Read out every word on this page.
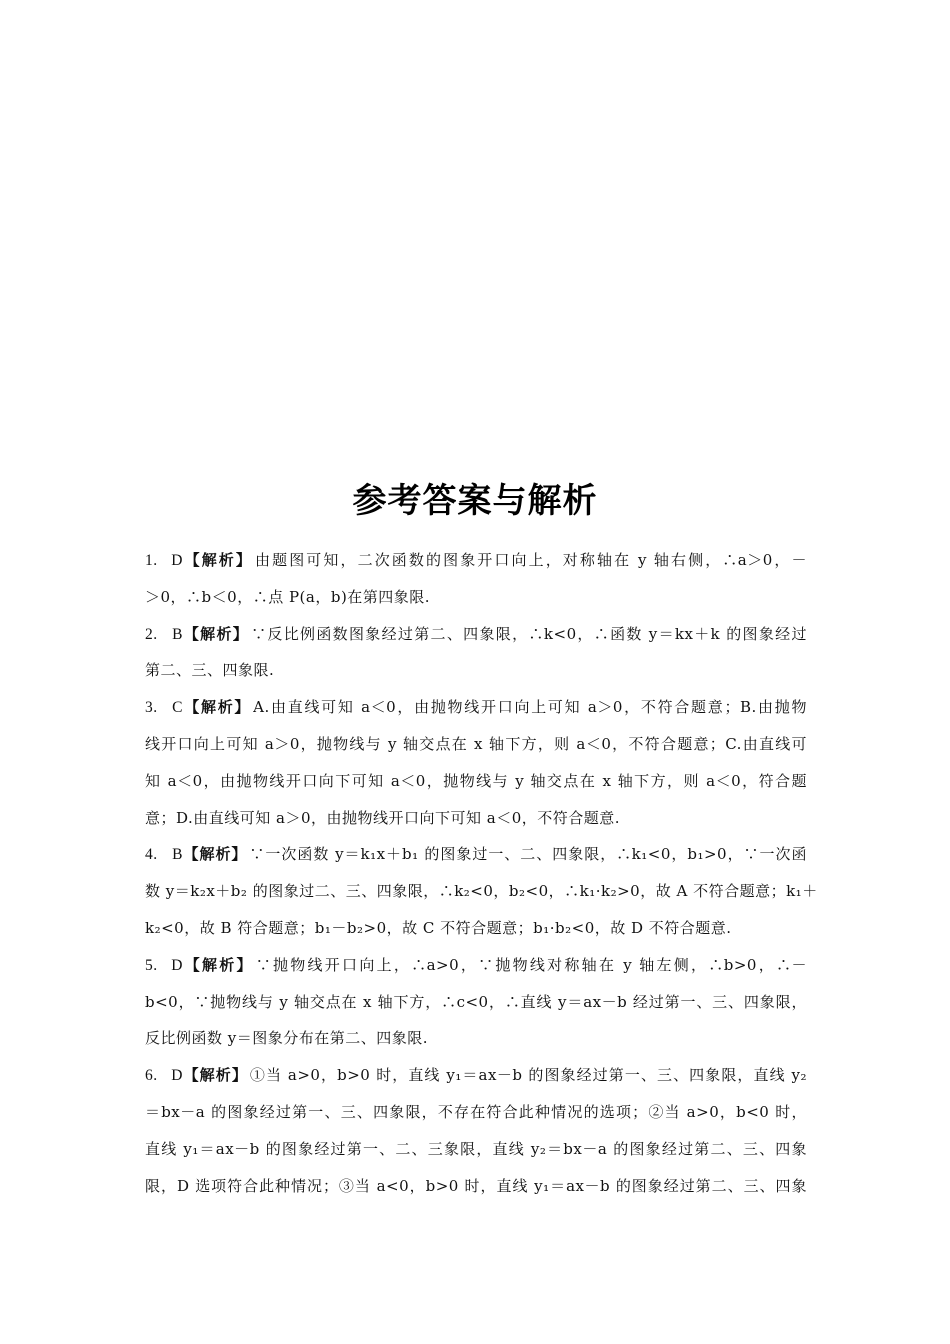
参考答案与解析
1. D【解析】 由题图可知，二次函数的图象开口向上，对称轴在 y 轴右侧，∴a＞0，－
＞0，∴b＜0，∴点 P(a，b)在第四象限.
2. B【解析】 ∵反比例函数图象经过第二、四象限，∴k<0，∴函数 y＝kx＋k 的图象经过
第二、三、四象限.
3. C【解析】 A.由直线可知 a＜0，由抛物线开口向上可知 a＞0，不符合题意；B.由抛物
线开口向上可知 a＞0，抛物线与 y 轴交点在 x 轴下方，则 a＜0，不符合题意；C.由直线可
知 a＜0，由抛物线开口向下可知 a＜0，抛物线与 y 轴交点在 x 轴下方，则 a＜0，符合题
意；D.由直线可知 a＞0，由抛物线开口向下可知 a＜0，不符合题意.
4. B【解析】 ∵一次函数 y＝k₁x＋b₁ 的图象过一、二、四象限，∴k₁<0，b₁>0，∵一次函
数 y＝k₂x＋b₂ 的图象过二、三、四象限，∴k₂<0，b₂<0，∴k₁·k₂>0，故 A 不符合题意；k₁＋
k₂<0，故 B 符合题意；b₁－b₂>0，故 C 不符合题意；b₁·b₂<0，故 D 不符合题意.
5. D【解析】 ∵抛物线开口向上，∴a>0，∵抛物线对称轴在 y 轴左侧，∴b>0，∴－
b<0，∵抛物线与 y 轴交点在 x 轴下方，∴c<0，∴直线 y＝ax－b 经过第一、三、四象限，
反比例函数 y＝图象分布在第二、四象限.
6. D【解析】 ①当 a>0，b>0 时，直线 y₁＝ax－b 的图象经过第一、三、四象限，直线 y₂
＝bx－a 的图象经过第一、三、四象限，不存在符合此种情况的选项；②当 a>0，b<0 时，
直线 y₁＝ax－b 的图象经过第一、二、三象限，直线 y₂＝bx－a 的图象经过第二、三、四象
限，D 选项符合此种情况；③当 a<0，b>0 时，直线 y₁＝ax－b 的图象经过第二、三、四象
